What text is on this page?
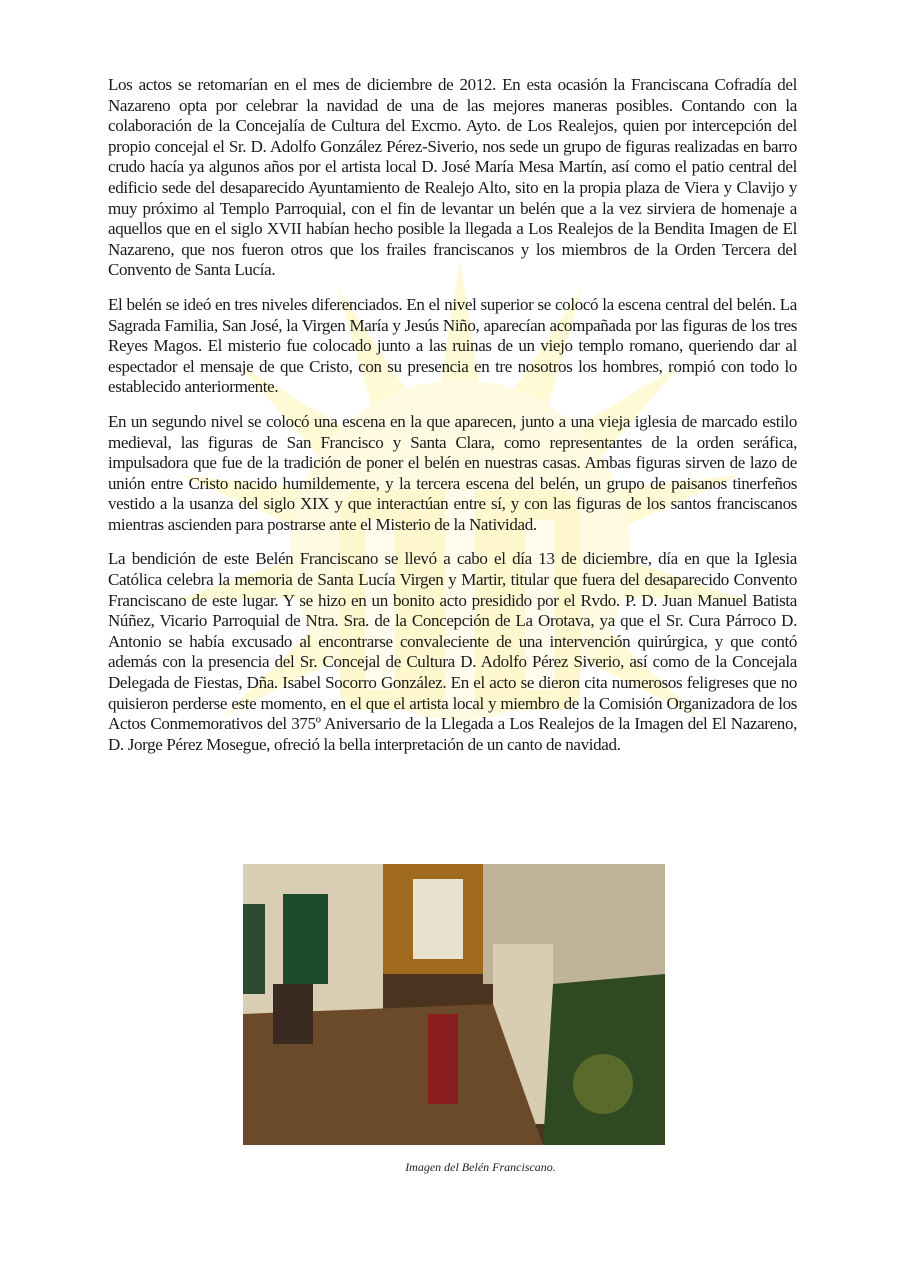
Los actos se retomarían en el mes de diciembre de 2012. En esta ocasión la Franciscana Cofradía del Nazareno opta por celebrar la navidad de una de las mejores maneras posibles. Contando con la colaboración de la Concejalía de Cultura del Excmo. Ayto. de Los Realejos, quien por intercepción del propio concejal el Sr. D. Adolfo González Pérez-Siverio, nos sede un grupo de figuras realizadas en barro crudo hacía ya algunos años por el artista local D. José María Mesa Martín, así como el patio central del edificio sede del desaparecido Ayuntamiento de Realejo Alto, sito en la propia plaza de Viera y Clavijo y muy próximo al Templo Parroquial, con el fin de levantar un belén que a la vez sirviera de homenaje a aquellos que en el siglo XVII habían hecho posible la llegada a Los Realejos de la Bendita Imagen de El Nazareno, que nos fueron otros que los frailes franciscanos y los miembros de la Orden Tercera del Convento de Santa Lucía.

El belén se ideó en tres niveles diferenciados. En el nivel superior se colocó la escena central del belén. La Sagrada Familia, San José, la Virgen María y Jesús Niño, aparecían acompañada por las figuras de los tres Reyes Magos. El misterio fue colocado junto a las ruinas de un viejo templo romano, queriendo dar al espectador el mensaje de que Cristo, con su presencia en tre nosotros los hombres, rompió con todo lo establecido anteriormente.

En un segundo nivel se colocó una escena en la que aparecen, junto a una vieja iglesia de marcado estilo medieval, las figuras de San Francisco y Santa Clara, como representantes de la orden seráfica, impulsadora que fue de la tradición de poner el belén en nuestras casas. Ambas figuras sirven de lazo de unión entre Cristo nacido humildemente, y la tercera escena del belén, un grupo de paisanos tinerfeños vestido a la usanza del siglo XIX y que interactúan entre sí, y con las figuras de los santos franciscanos mientras ascienden para postrarse ante el Misterio de la Natividad.

La bendición de este Belén Franciscano se llevó a cabo el día 13 de diciembre, día en que la Iglesia Católica celebra la memoria de Santa Lucía Virgen y Martir, titular que fuera del desaparecido Convento Franciscano de este lugar. Y se hizo en un bonito acto presidido por el Rvdo. P. D. Juan Manuel Batista Núñez, Vicario Parroquial de Ntra. Sra. de la Concepción de La Orotava, ya que el Sr. Cura Párroco D. Antonio se había excusado al encontrarse convaleciente de una intervención quirúrgica, y que contó además con la presencia del Sr. Concejal de Cultura D. Adolfo Pérez Siverio, así como de la Concejala Delegada de Fiestas, Dña. Isabel Socorro González. En el acto se dieron cita numerosos feligreses que no quisieron perderse este momento, en el que el artista local y miembro de la Comisión Organizadora de los Actos Conmemorativos del 375º Aniversario de la Llegada a Los Realejos de la Imagen del El Nazareno, D. Jorge Pérez Mosegue, ofreció la bella interpretación de un canto de navidad.

Imagen del Belén Franciscano.
